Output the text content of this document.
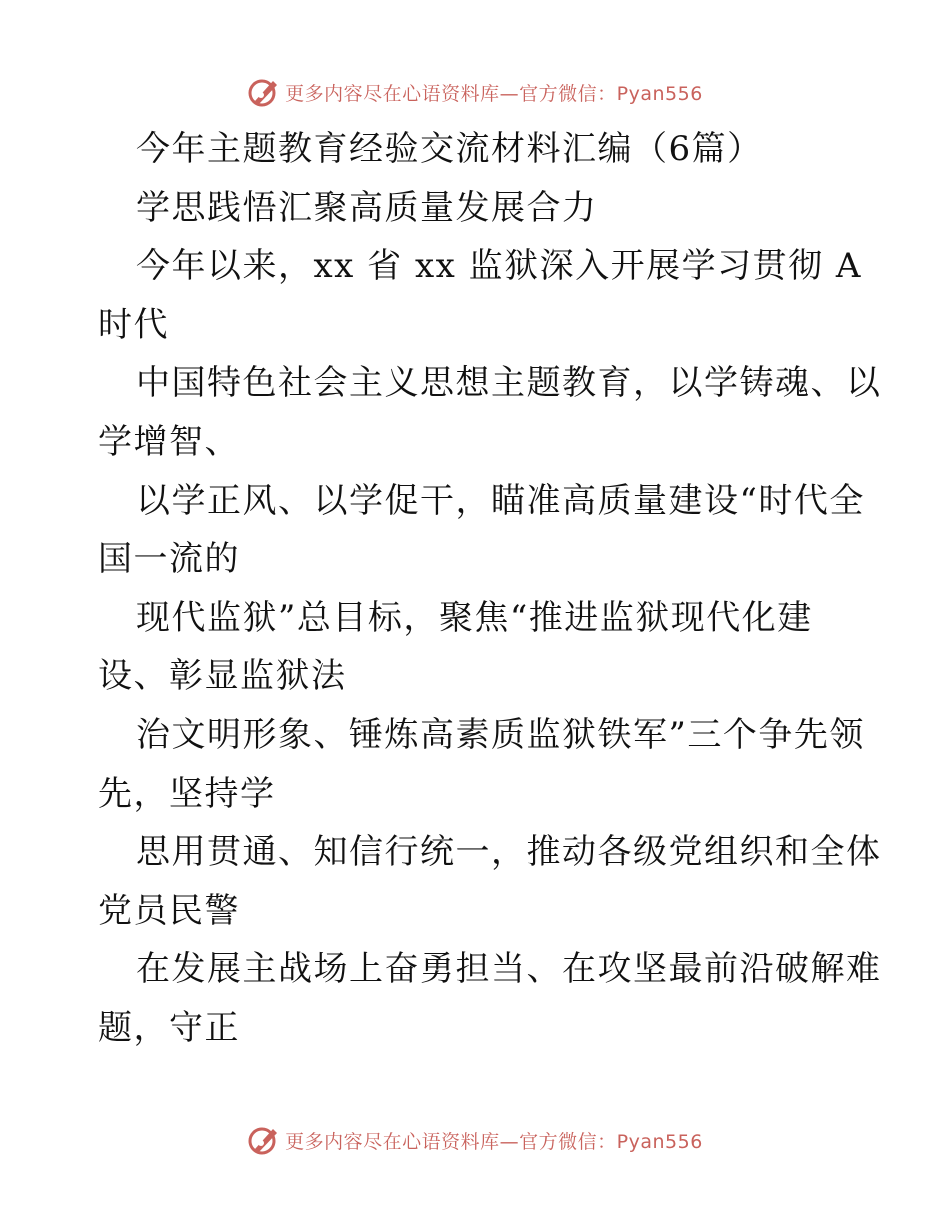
更多内容尽在心语资料库—官方微信：Pyan556
今年主题教育经验交流材料汇编（6篇）
学思践悟汇聚高质量发展合力
今年以来，xx 省 xx 监狱深入开展学习贯彻 A
时代
中国特色社会主义思想主题教育，以学铸魂、以
学增智、
以学正风、以学促干，瞄准高质量建设“时代全
国一流的
现代监狱”总目标，聚焦“推进监狱现代化建
设、彰显监狱法
治文明形象、锤炼高素质监狱铁军”三个争先领
先，坚持学
思用贯通、知信行统一，推动各级党组织和全体
党员民警
在发展主战场上奋勇担当、在攻坚最前沿破解难
题，守正
更多内容尽在心语资料库—官方微信：Pyan556
